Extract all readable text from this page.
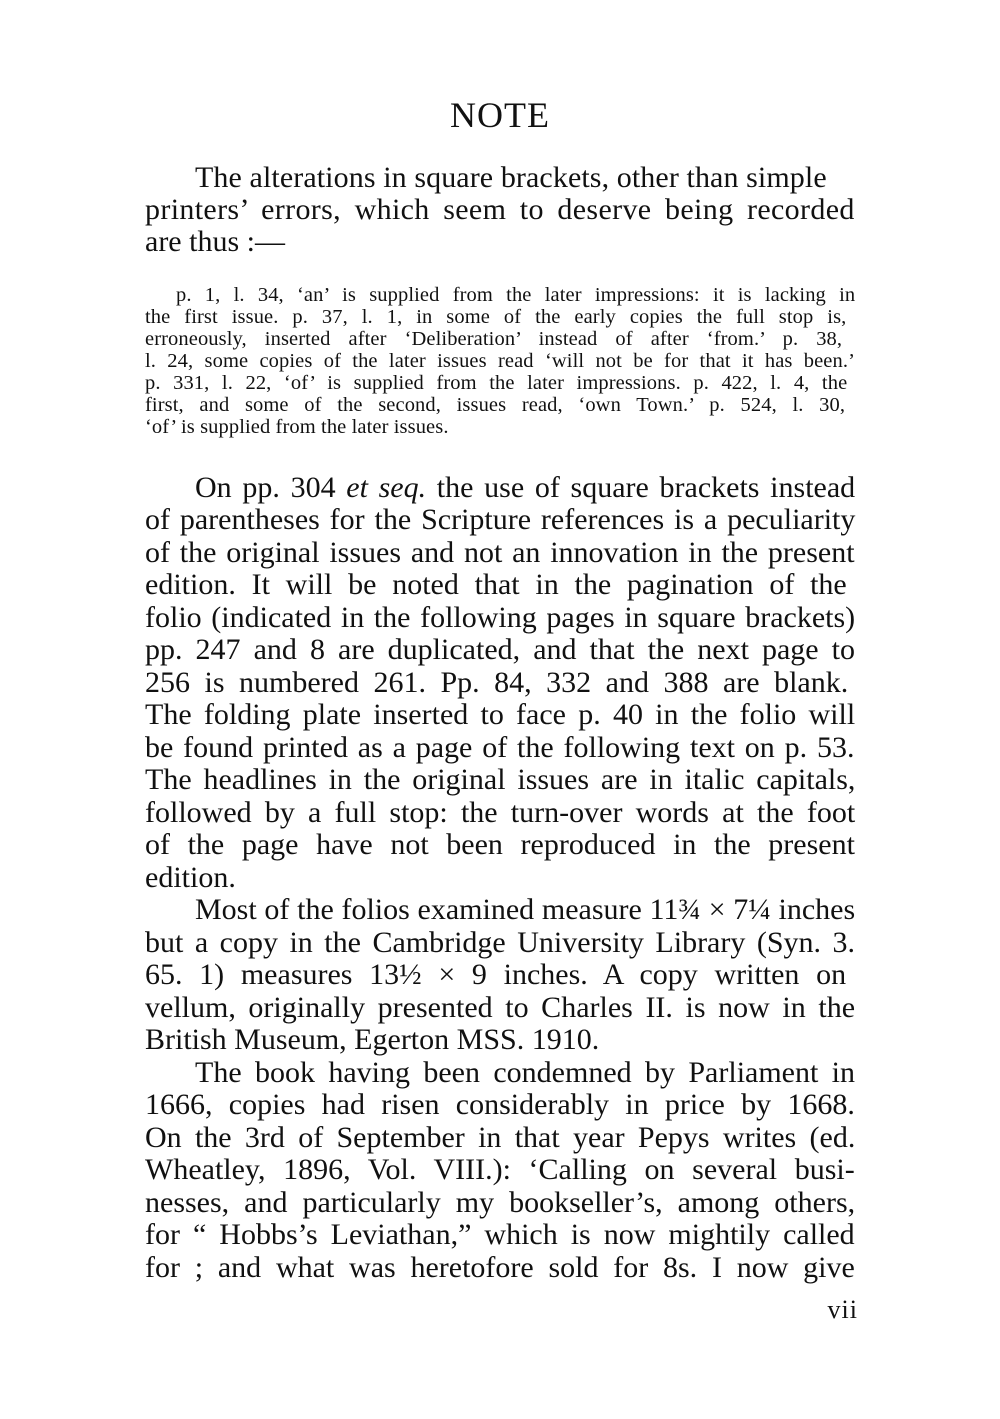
NOTE

The alterations in square brackets, other than simple

printers’ errors, which seem to deserve being recorded

are thus :—

p. 1, l. 34, ‘an’ is supplied from the later impressions: it is lacking in

the first issue. p. 37, l. 1, in some of the early copies the full stop is,

erroneously, inserted after ‘Deliberation’ instead of after ‘from.’ p. 38,

l. 24, some copies of the later issues read ‘will not be for that it has been.’

p. 331, l. 22, ‘of’ is supplied from the later impressions. p. 422, l. 4, the

first, and some of the second, issues read, ‘own Town.’ p. 524, l. 30,

‘of’ is supplied from the later issues.

On pp. 304 et seq. the use of square brackets instead

of parentheses for the Scripture references is a peculiarity

of the original issues and not an innovation in the present

edition. It will be noted that in the pagination of the

folio (indicated in the following pages in square brackets)

pp. 247 and 8 are duplicated, and that the next page to

256 is numbered 261. Pp. 84, 332 and 388 are blank.

The folding plate inserted to face p. 40 in the folio will

be found printed as a page of the following text on p. 53.

The headlines in the original issues are in italic capitals,

followed by a full stop: the turn-over words at the foot

of the page have not been reproduced in the present

edition.

Most of the folios examined measure 11¾ × 7¼ inches

but a copy in the Cambridge University Library (Syn. 3.

65. 1) measures 13½ × 9 inches. A copy written on

vellum, originally presented to Charles II. is now in the

British Museum, Egerton MSS. 1910.

The book having been condemned by Parliament in

1666, copies had risen considerably in price by 1668.

On the 3rd of September in that year Pepys writes (ed.

Wheatley, 1896, Vol. VIII.): ‘Calling on several busi-

nesses, and particularly my bookseller’s, among others,

for “ Hobbs’s Leviathan,” which is now mightily called

for ; and what was heretofore sold for 8s. I now give

vii
